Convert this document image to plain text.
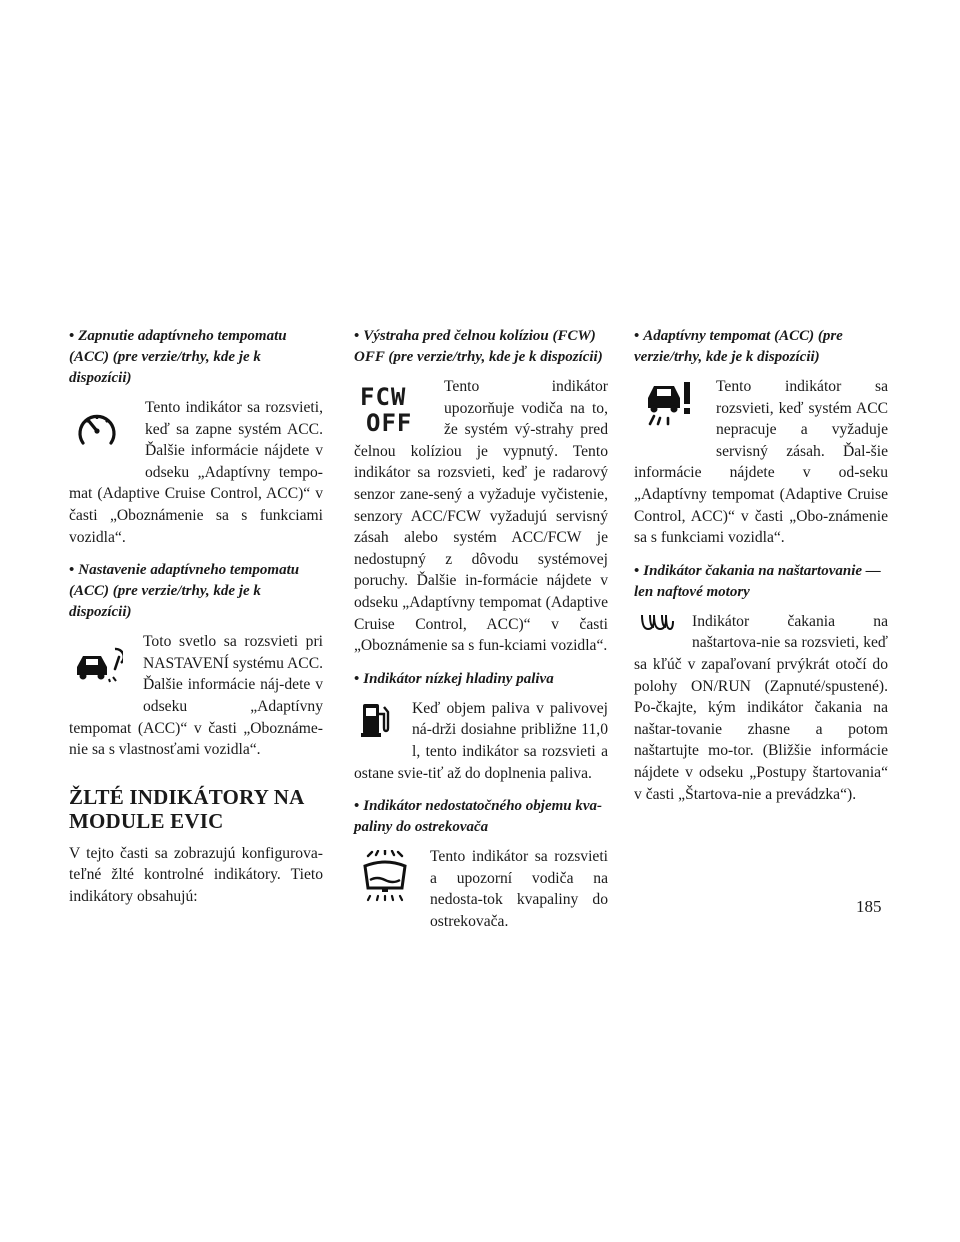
• Zapnutie adaptívneho tempomatu (ACC) (pre verzie/trhy, kde je k dispozícii)

Tento indikátor sa rozsvieti, keď sa zapne systém ACC. Ďalšie informácie nájdete v odseku „Adaptívny tempo-mat (Adaptive Cruise Control, ACC)“ v časti „Oboznámenie sa s funkciami vozidla“.

• Nastavenie adaptívneho tempomatu (ACC) (pre verzie/trhy, kde je k dispozícii)

Toto svetlo sa rozsvieti pri NASTAVENÍ systému ACC. Ďalšie informácie náj-dete v odseku „Adaptívny tempomat (ACC)“ v časti „Oboznáme-nie sa s vlastnosťami vozidla“.

ŽLTÉ INDIKÁTORY NA
MODULE EVIC

V tejto časti sa zobrazujú konfigurova-teľné žlté kontrolné indikátory. Tieto indikátory obsahujú:

• Výstraha pred čelnou kolíziou (FCW) OFF (pre verzie/trhy, kde je k dispozícii)

FCW
OFF

Tento indikátor upozorňuje vodiča na to, že systém vý-strahy pred čelnou kolíziou je vypnutý. Tento indikátor sa rozsvieti, keď je radarový senzor zane-sený a vyžaduje vyčistenie, senzory ACC/FCW vyžadujú servisný zásah alebo systém ACC/FCW je nedostupný z dôvodu systémovej poruchy. Ďalšie in-formácie nájdete v odseku „Adaptívny tempomat (Adaptive Cruise Control, ACC)“ v časti „Oboznámenie sa s fun-kciami vozidla“.

• Indikátor nízkej hladiny paliva

Keď objem paliva v palivovej ná-drži dosiahne približne 11,0 l, tento indikátor sa rozsvieti a ostane svie-tiť až do doplnenia paliva.

• Indikátor nedostatočného objemu kva-paliny do ostrekovača

Tento indikátor sa rozsvieti a upozorní vodiča na nedosta-tok kvapaliny do ostrekovača.

• Adaptívny tempomat (ACC) (pre verzie/trhy, kde je k dispozícii)

Tento indikátor sa rozsvieti, keď systém ACC nepracuje a vyžaduje servisný zásah. Ďal-šie informácie nájdete v od-seku „Adaptívny tempomat (Adaptive Cruise Control, ACC)“ v časti „Obo-známenie sa s funkciami vozidla“.

• Indikátor čakania na naštartovanie — len naftové motory

Indikátor čakania na naštartova-nie sa rozsvieti, keď sa kľúč v zapaľovaní prvýkrát otočí do polohy ON/RUN (Zapnuté/spustené). Po-čkajte, kým indikátor čakania na naštar-tovanie zhasne a potom naštartujte mo-tor. (Bližšie informácie nájdete v odseku „Postupy štartovania“ v časti „Štartova-nie a prevádzka“).

185
